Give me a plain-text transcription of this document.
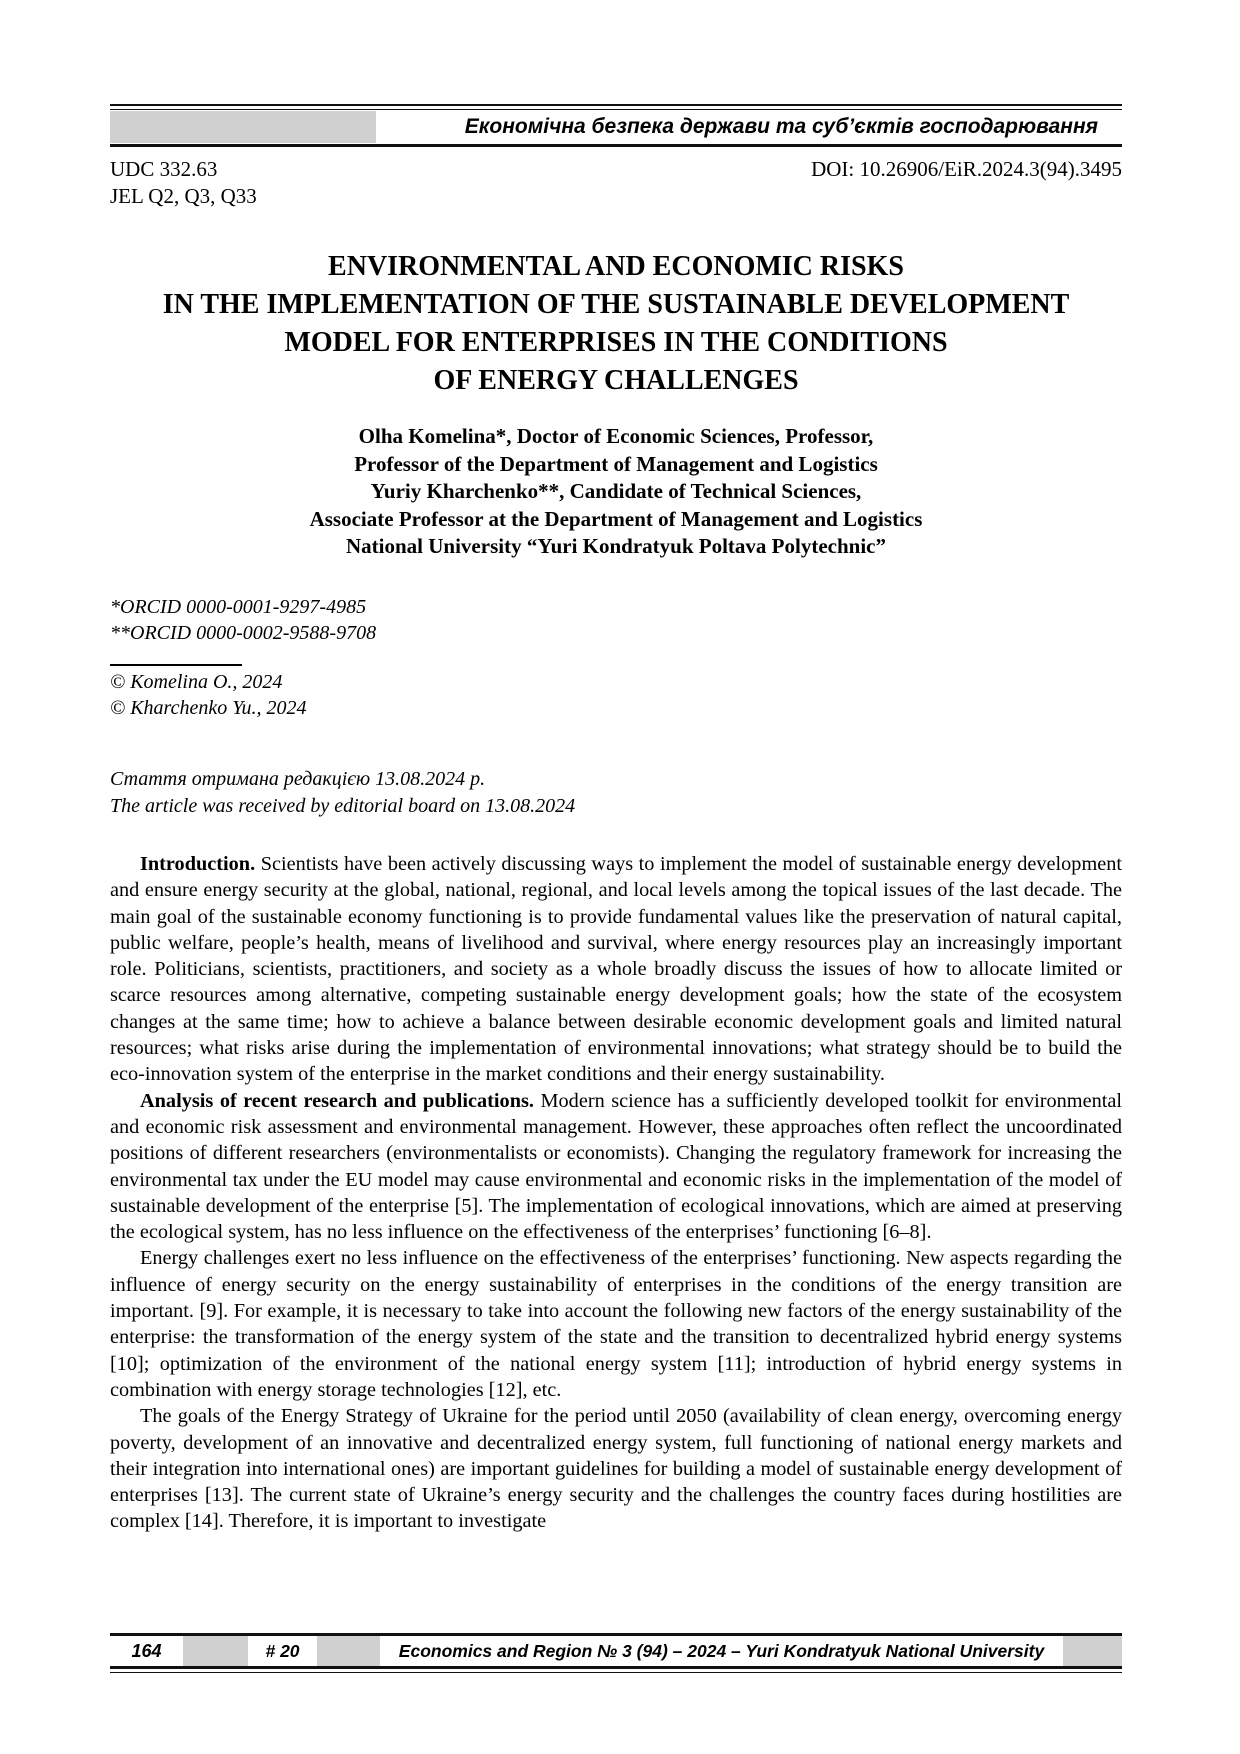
Економічна безпека держави та суб’єктів господарювання
UDC 332.63	DOI: 10.26906/EiR.2024.3(94).3495
JEL Q2, Q3, Q33
ENVIRONMENTAL AND ECONOMIC RISKS
IN THE IMPLEMENTATION OF THE SUSTAINABLE DEVELOPMENT
MODEL FOR ENTERPRISES IN THE CONDITIONS
OF ENERGY CHALLENGES
Olha Komelina*, Doctor of Economic Sciences, Professor,
Professor of the Department of Management and Logistics
Yuriy Kharchenko**, Candidate of Technical Sciences,
Associate Professor at the Department of Management and Logistics
National University “Yuri Kondratyuk Poltava Polytechnic”
*ORCID 0000-0001-9297-4985
**ORCID 0000-0002-9588-9708
© Komelina O., 2024
© Kharchenko Yu., 2024
Стаття отримана редакцією 13.08.2024 р.
The article was received by editorial board on 13.08.2024

Introduction. Scientists have been actively discussing ways to implement the model of sustainable energy development and ensure energy security at the global, national, regional, and local levels among the topical issues of the last decade. The main goal of the sustainable economy functioning is to provide fundamental values like the preservation of natural capital, public welfare, people’s health, means of livelihood and survival, where energy resources play an increasingly important role. Politicians, scientists, practitioners, and society as a whole broadly discuss the issues of how to allocate limited or scarce resources among alternative, competing sustainable energy development goals; how the state of the ecosystem changes at the same time; how to achieve a balance between desirable economic development goals and limited natural resources; what risks arise during the implementation of environmental innovations; what strategy should be to build the eco-innovation system of the enterprise in the market conditions and their energy sustainability.

Analysis of recent research and publications. Modern science has a sufficiently developed toolkit for environmental and economic risk assessment and environmental management. However, these approaches often reflect the uncoordinated positions of different researchers (environmentalists or economists). Changing the regulatory framework for increasing the environmental tax under the EU model may cause environmental and economic risks in the implementation of the model of sustainable development of the enterprise [5]. The implementation of ecological innovations, which are aimed at preserving the ecological system, has no less influence on the effectiveness of the enterprises’ functioning [6–8].

Energy challenges exert no less influence on the effectiveness of the enterprises’ functioning. New aspects regarding the influence of energy security on the energy sustainability of enterprises in the conditions of the energy transition are important. [9]. For example, it is necessary to take into account the following new factors of the energy sustainability of the enterprise: the transformation of the energy system of the state and the transition to decentralized hybrid energy systems [10]; optimization of the environment of the national energy system [11]; introduction of hybrid energy systems in combination with energy storage technologies [12], etc.

The goals of the Energy Strategy of Ukraine for the period until 2050 (availability of clean energy, overcoming energy poverty, development of an innovative and decentralized energy system, full functioning of national energy markets and their integration into international ones) are important guidelines for building a model of sustainable energy development of enterprises [13]. The current state of Ukraine’s energy security and the challenges the country faces during hostilities are complex [14]. Therefore, it is important to investigate

164	# 20	Economics and Region № 3 (94) – 2024 – Yuri Kondratyuk National University
